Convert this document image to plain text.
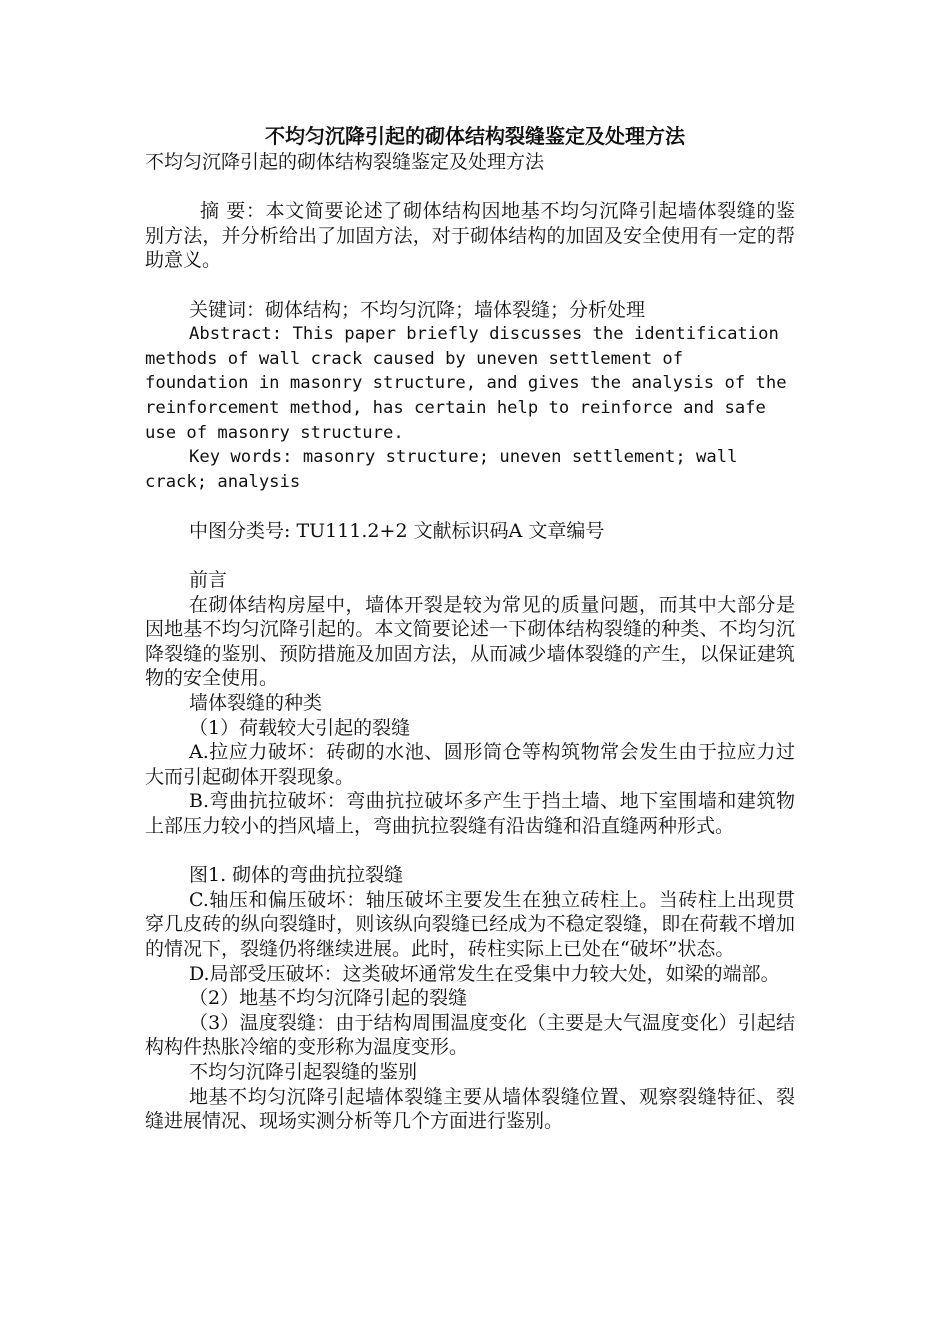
不均匀沉降引起的砌体结构裂缝鉴定及处理方法

不均匀沉降引起的砌体结构裂缝鉴定及处理方法

摘 要：本文简要论述了砌体结构因地基不均匀沉降引起墙体裂缝的鉴别方法，并分析给出了加固方法，对于砌体结构的加固及安全使用有一定的帮助意义。

关键词：砌体结构；不均匀沉降；墙体裂缝；分析处理

Abstract: This paper briefly discusses the identification methods of wall crack caused by uneven settlement of foundation in masonry structure, and gives the analysis of the reinforcement method, has certain help to reinforce and safe use of masonry structure.

Key words: masonry structure; uneven settlement; wall crack; analysis

中图分类号: TU111.2+2 文献标识码A 文章编号

前言

在砌体结构房屋中，墙体开裂是较为常见的质量问题，而其中大部分是因地基不均匀沉降引起的。本文简要论述一下砌体结构裂缝的种类、不均匀沉降裂缝的鉴别、预防措施及加固方法，从而减少墙体裂缝的产生，以保证建筑物的安全使用。

墙体裂缝的种类

（1）荷载较大引起的裂缝

A.拉应力破坏：砖砌的水池、圆形筒仓等构筑物常会发生由于拉应力过大而引起砌体开裂现象。

B.弯曲抗拉破坏：弯曲抗拉破坏多产生于挡土墙、地下室围墙和建筑物上部压力较小的挡风墙上，弯曲抗拉裂缝有沿齿缝和沿直缝两种形式。

图1. 砌体的弯曲抗拉裂缝

C.轴压和偏压破坏：轴压破坏主要发生在独立砖柱上。当砖柱上出现贯穿几皮砖的纵向裂缝时，则该纵向裂缝已经成为不稳定裂缝，即在荷载不增加的情况下，裂缝仍将继续进展。此时，砖柱实际上已处在“破坏”状态。

D.局部受压破坏：这类破坏通常发生在受集中力较大处，如梁的端部。

（2）地基不均匀沉降引起的裂缝

（3）温度裂缝：由于结构周围温度变化（主要是大气温度变化）引起结构构件热胀冷缩的变形称为温度变形。

不均匀沉降引起裂缝的鉴别

地基不均匀沉降引起墙体裂缝主要从墙体裂缝位置、观察裂缝特征、裂缝进展情况、现场实测分析等几个方面进行鉴别。
